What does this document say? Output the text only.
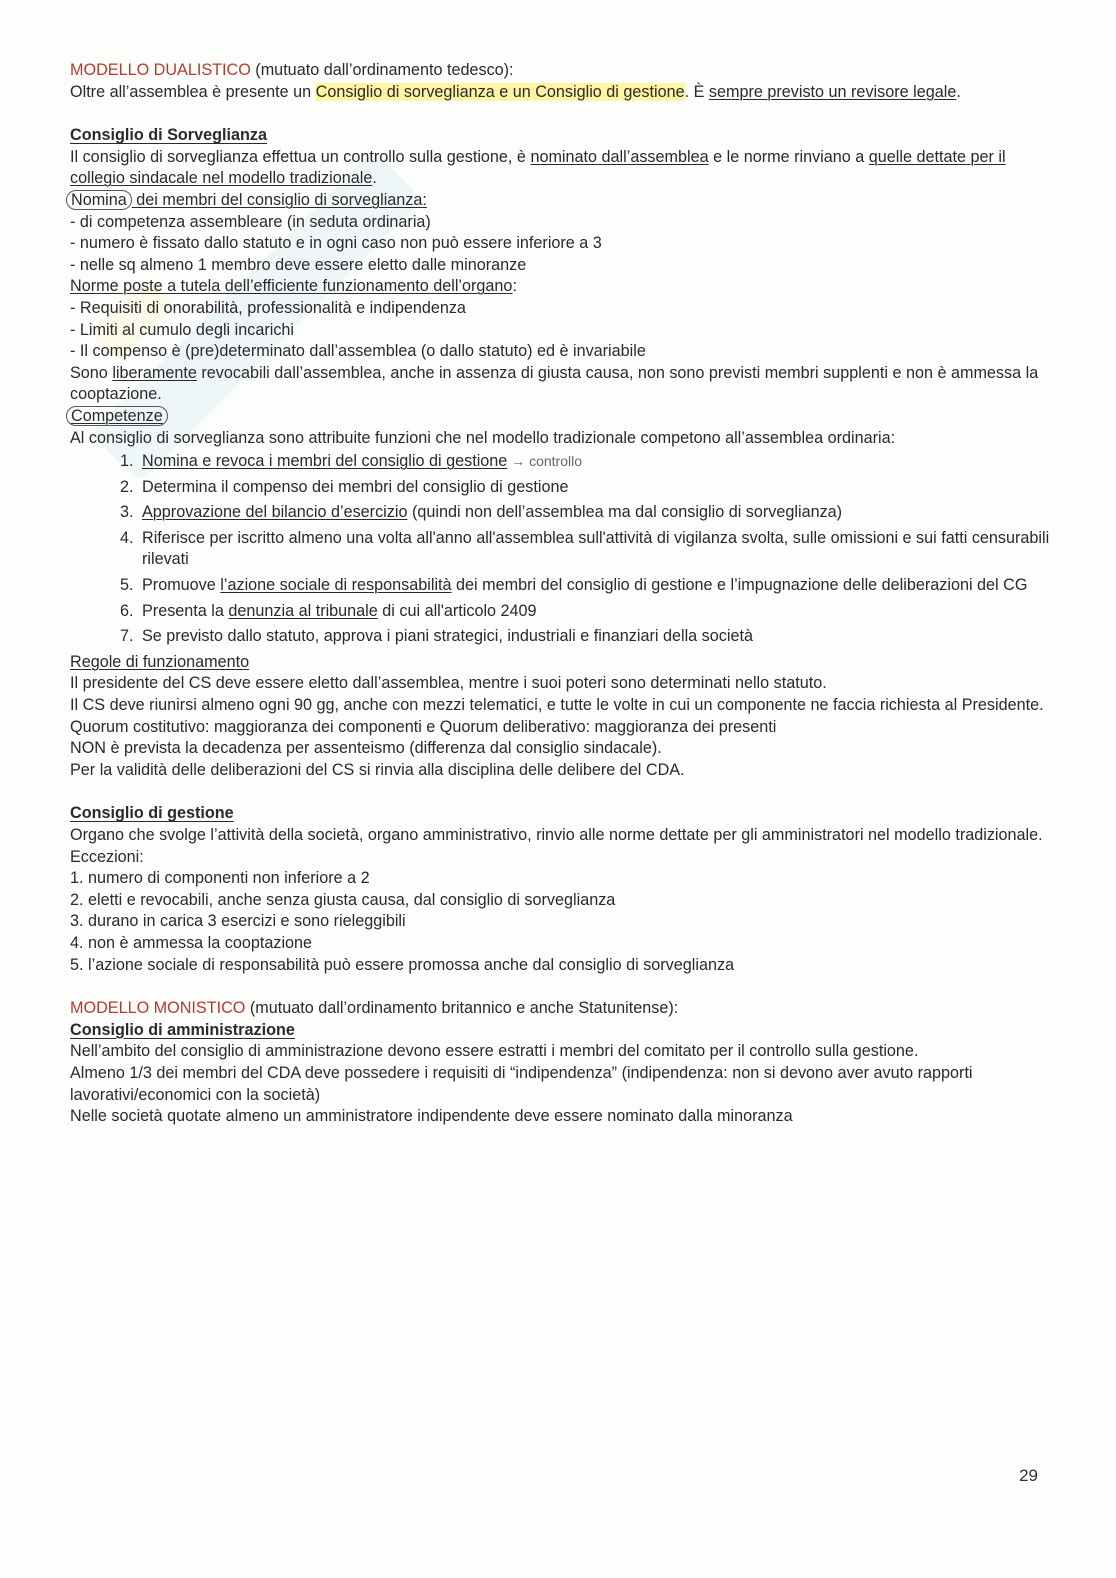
MODELLO DUALISTICO (mutuato dall’ordinamento tedesco):

Oltre all’assemblea è presente un Consiglio di sorveglianza e un Consiglio di gestione. È sempre previsto un revisore legale.

Consiglio di Sorveglianza

Il consiglio di sorveglianza effettua un controllo sulla gestione, è nominato dall’assemblea e le norme rinviano a quelle dettate per il collegio sindacale nel modello tradizionale.

Nomina dei membri del consiglio di sorveglianza:

- di competenza assembleare (in seduta ordinaria)

- numero è fissato dallo statuto e in ogni caso non può essere inferiore a 3

- nelle sq almeno 1 membro deve essere eletto dalle minoranze

Norme poste a tutela dell’efficiente funzionamento dell’organo:

- Requisiti di onorabilità, professionalità e indipendenza

- Limiti al cumulo degli incarichi

- Il compenso è (pre)determinato dall’assemblea (o dallo statuto) ed è invariabile

Sono liberamente revocabili dall’assemblea, anche in assenza di giusta causa, non sono previsti membri supplenti e non è ammessa la cooptazione.

Competenze

Al consiglio di sorveglianza sono attribuite funzioni che nel modello tradizionale competono all’assemblea ordinaria:

1. Nomina e revoca i membri del consiglio di gestione → controllo
2. Determina il compenso dei membri del consiglio di gestione
3. Approvazione del bilancio d’esercizio (quindi non dell’assemblea ma dal consiglio di sorveglianza)
4. Riferisce per iscritto almeno una volta all'anno all'assemblea sull'attività di vigilanza svolta, sulle omissioni e sui fatti censurabili rilevati
5. Promuove l’azione sociale di responsabilità dei membri del consiglio di gestione e l’impugnazione delle deliberazioni del CG
6. Presenta la denunzia al tribunale di cui all'articolo 2409
7. Se previsto dallo statuto, approva i piani strategici, industriali e finanziari della società

Regole di funzionamento

Il presidente del CS deve essere eletto dall’assemblea, mentre i suoi poteri sono determinati nello statuto.

Il CS deve riunirsi almeno ogni 90 gg, anche con mezzi telematici, e tutte le volte in cui un componente ne faccia richiesta al Presidente.

Quorum costitutivo: maggioranza dei componenti e Quorum deliberativo: maggioranza dei presenti

NON è prevista la decadenza per assenteismo (differenza dal consiglio sindacale).

Per la validità delle deliberazioni del CS si rinvia alla disciplina delle delibere del CDA.

Consiglio di gestione

Organo che svolge l’attività della società, organo amministrativo, rinvio alle norme dettate per gli amministratori nel modello tradizionale. Eccezioni:

1. numero di componenti non inferiore a 2

2. eletti e revocabili, anche senza giusta causa, dal consiglio di sorveglianza

3. durano in carica 3 esercizi e sono rieleggibili

4. non è ammessa la cooptazione

5. l’azione sociale di responsabilità può essere promossa anche dal consiglio di sorveglianza

MODELLO MONISTICO (mutuato dall’ordinamento britannico e anche Statunitense):

Consiglio di amministrazione

Nell’ambito del consiglio di amministrazione devono essere estratti i membri del comitato per il controllo sulla gestione.

Almeno 1/3 dei membri del CDA deve possedere i requisiti di “indipendenza” (indipendenza: non si devono aver avuto rapporti lavorativi/economici con la società)

Nelle società quotate almeno un amministratore indipendente deve essere nominato dalla minoranza

29
